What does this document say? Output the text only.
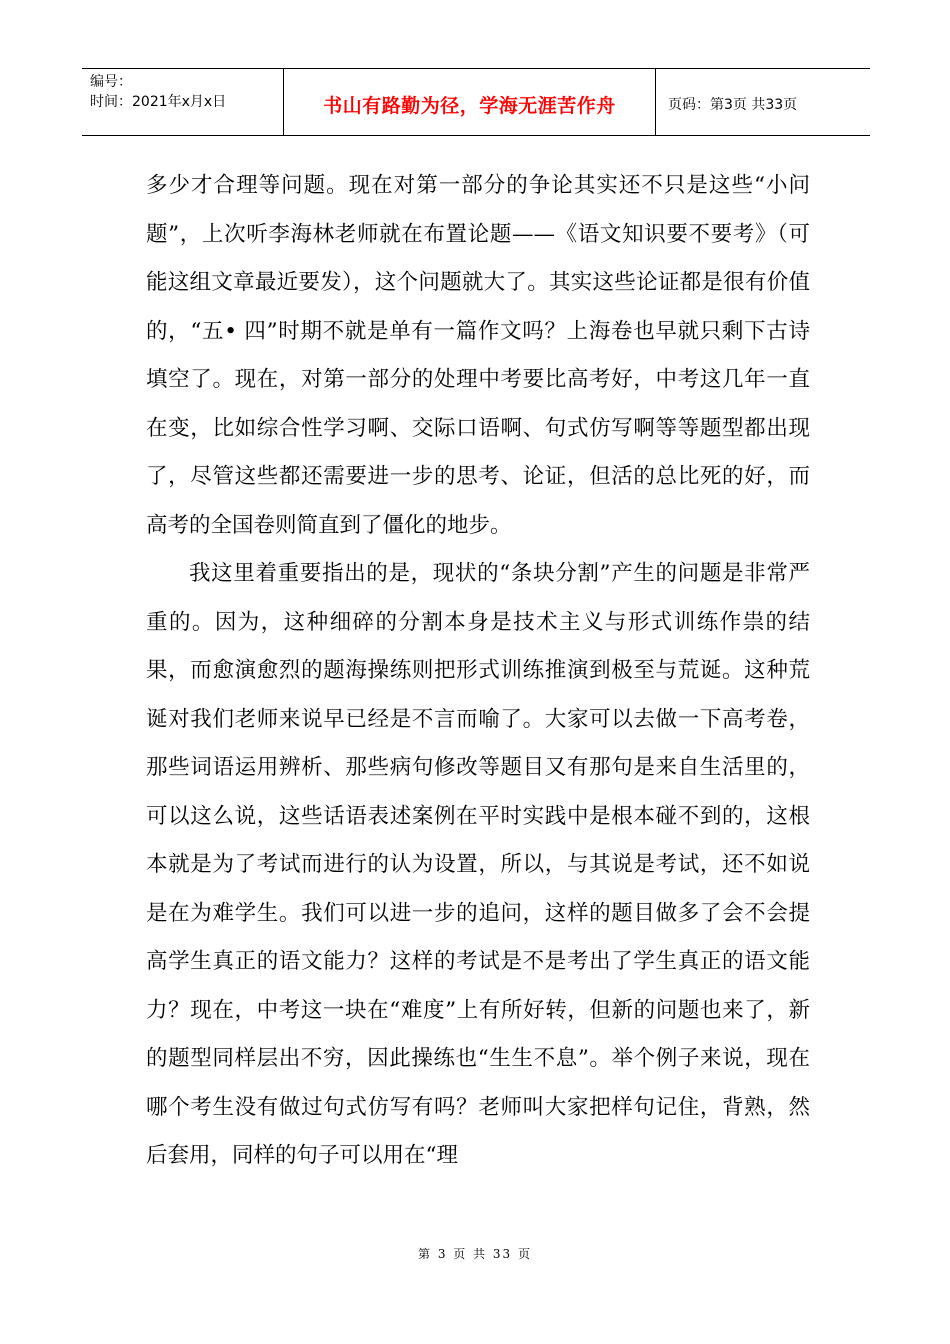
编号：
时间：2021年x月x日	书山有路勤为径，学海无涯苦作舟	页码：第3页 共33页

多少才合理等问题。现在对第一部分的争论其实还不只是这些“小问题”，上次听李海林老师就在布置论题——《语文知识要不要考》（可能这组文章最近要发），这个问题就大了。其实这些论证都是很有价值的，“五• 四”时期不就是单有一篇作文吗？上海卷也早就只剩下古诗填空了。现在，对第一部分的处理中考要比高考好，中考这几年一直在变，比如综合性学习啊、交际口语啊、句式仿写啊等等题型都出现了，尽管这些都还需要进一步的思考、论证，但活的总比死的好，而高考的全国卷则简直到了僵化的地步。

我这里着重要指出的是，现状的“条块分割”产生的问题是非常严重的。因为，这种细碎的分割本身是技术主义与形式训练作祟的结果，而愈演愈烈的题海操练则把形式训练推演到极至与荒诞。这种荒诞对我们老师来说早已经是不言而喻了。大家可以去做一下高考卷，那些词语运用辨析、那些病句修改等题目又有那句是来自生活里的，可以这么说，这些话语表述案例在平时实践中是根本碰不到的，这根本就是为了考试而进行的认为设置，所以，与其说是考试，还不如说是在为难学生。我们可以进一步的追问，这样的题目做多了会不会提高学生真正的语文能力？这样的考试是不是考出了学生真正的语文能力？现在，中考这一块在“难度”上有所好转，但新的问题也来了，新的题型同样层出不穷，因此操练也“生生不息”。举个例子来说，现在哪个考生没有做过句式仿写有吗？老师叫大家把样句记住，背熟，然后套用，同样的句子可以用在“理

第 3 页 共 33 页
